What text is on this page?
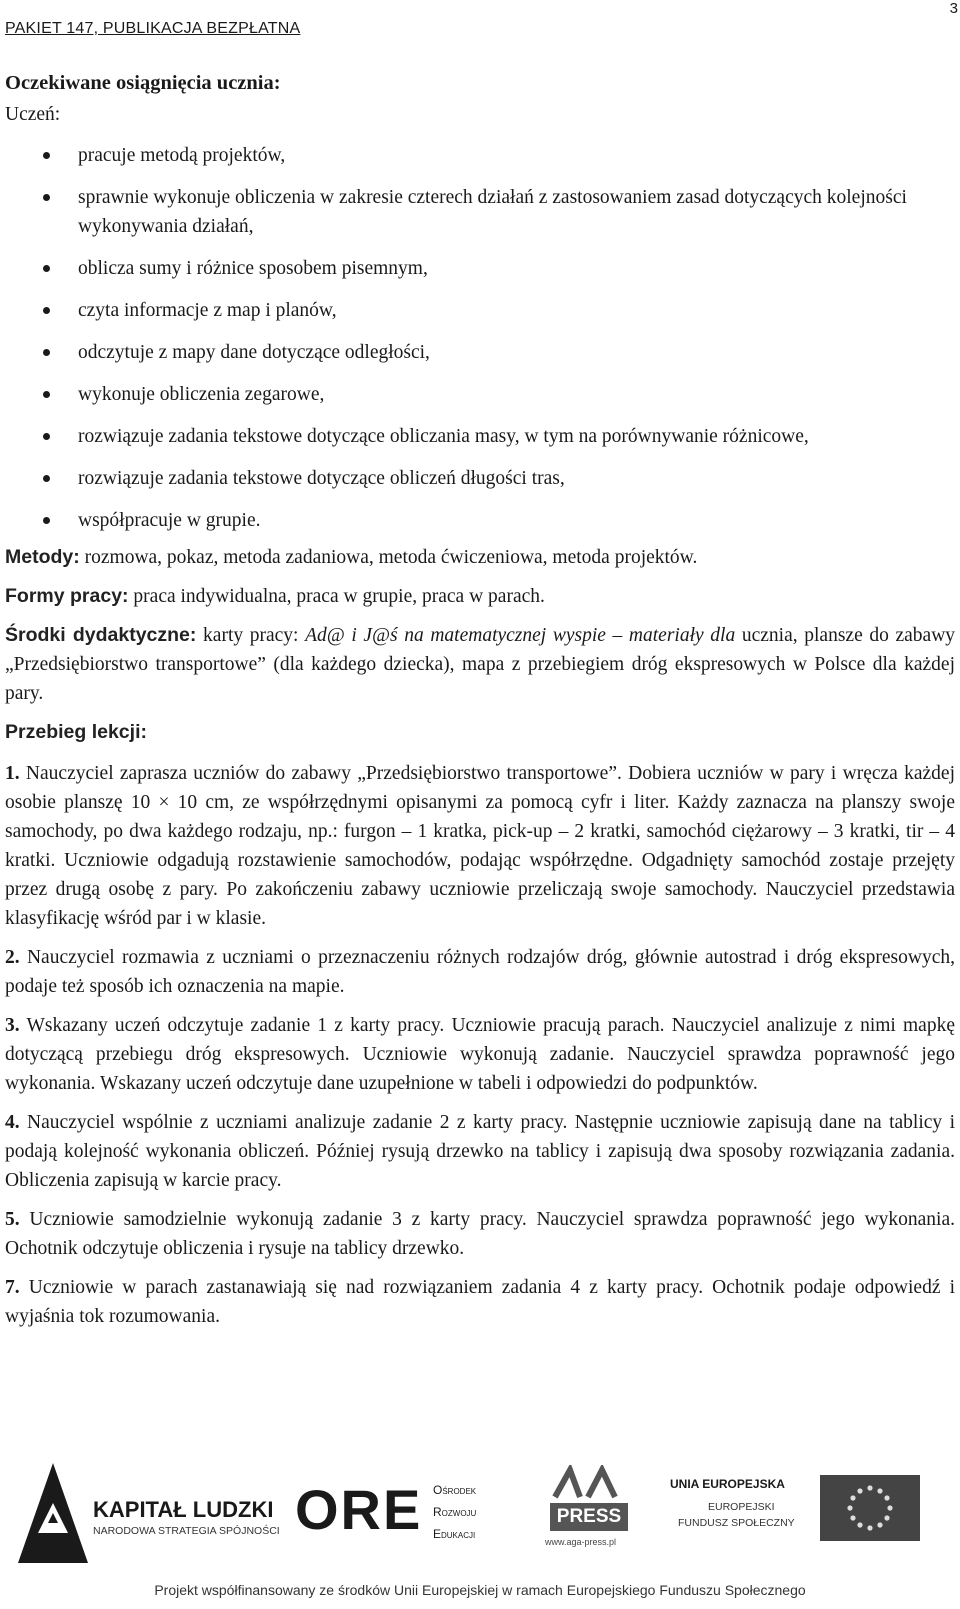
PAKIET 147, PUBLIKACJA BEZPŁATNA
3
Oczekiwane osiągnięcia ucznia:
Uczeń:
pracuje metodą projektów,
sprawnie wykonuje obliczenia w zakresie czterech działań z zastosowaniem zasad dotyczących kolejności wykonywania działań,
oblicza sumy i różnice sposobem pisemnym,
czyta informacje z map i planów,
odczytuje z mapy dane dotyczące odległości,
wykonuje obliczenia zegarowe,
rozwiązuje zadania tekstowe dotyczące obliczania masy, w tym na porównywanie różnicowe,
rozwiązuje zadania tekstowe dotyczące obliczeń długości tras,
współpracuje w grupie.

Metody: rozmowa, pokaz, metoda zadaniowa, metoda ćwiczeniowa, metoda projektów.

Formy pracy: praca indywidualna, praca w grupie, praca w parach.

Środki dydaktyczne: karty pracy: Ad@ i J@ś na matematycznej wyspie – materiały dla ucznia, plansze do zabawy „Przedsiębiorstwo transportowe” (dla każdego dziecka), mapa z przebiegiem dróg ekspresowych w Polsce dla każdej pary.

Przebieg lekcji:

1. Nauczyciel zaprasza uczniów do zabawy „Przedsiębiorstwo transportowe”. Dobiera uczniów w pary i wręcza każdej osobie planszę 10 × 10 cm, ze współrzędnymi opisanymi za pomocą cyfr i liter. Każdy zaznacza na planszy swoje samochody, po dwa każdego rodzaju, np.: furgon – 1 kratka, pick-up – 2 kratki, samochód ciężarowy – 3 kratki, tir – 4 kratki. Uczniowie odgadują rozstawienie samochodów, podając współrzędne. Odgadnięty samochód zostaje przejęty przez drugą osobę z pary. Po zakończeniu zabawy uczniowie przeliczają swoje samochody. Nauczyciel przedstawia klasyfikację wśród par i w klasie.

2. Nauczyciel rozmawia z uczniami o przeznaczeniu różnych rodzajów dróg, głównie autostrad i dróg ekspresowych, podaje też sposób ich oznaczenia na mapie.

3. Wskazany uczeń odczytuje zadanie 1 z karty pracy. Uczniowie pracują parach. Nauczyciel analizuje z nimi mapkę dotyczącą przebiegu dróg ekspresowych. Uczniowie wykonują zadanie. Nauczyciel sprawdza poprawność jego wykonania. Wskazany uczeń odczytuje dane uzupełnione w tabeli i odpowiedzi do podpunktów.

4. Nauczyciel wspólnie z uczniami analizuje zadanie 2 z karty pracy. Następnie uczniowie zapisują dane na tablicy i podają kolejność wykonania obliczeń. Później rysują drzewko na tablicy i zapisują dwa sposoby rozwiązania zadania. Obliczenia zapisują w karcie pracy.

5. Uczniowie samodzielnie wykonują zadanie 3 z karty pracy. Nauczyciel sprawdza poprawność jego wykonania. Ochotnik odczytuje obliczenia i rysuje na tablicy drzewko.

7. Uczniowie w parach zastanawiają się nad rozwiązaniem zadania 4 z karty pracy. Ochotnik podaje odpowiedź i wyjaśnia tok rozumowania.

KAPITAŁ LUDZKI
NARODOWA STRATEGIA SPÓJNOŚCI ORE Ośrodek
Rozwoju
Edukacji
PRESS
www.aga-press.pl
UNIA EUROPEJSKA
EUROPEJSKI
FUNDUSZ SPOŁECZNY
Projekt współfinansowany ze środków Unii Europejskiej w ramach Europejskiego Funduszu Społecznego
